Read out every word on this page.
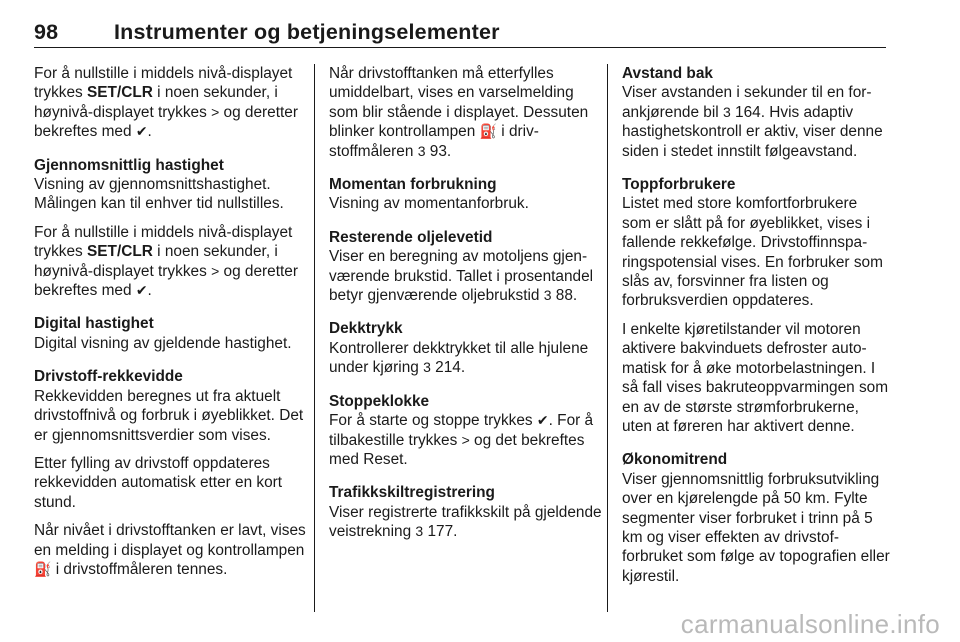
98	Instrumenter og betjeningselementer
For å nullstille i middels nivå-displayet trykkes SET/CLR i noen sekunder, i høynivå-displayet trykkes > og deretter bekreftes med ✔.
Gjennomsnittlig hastighet
Visning av gjennomsnittshastighet. Målingen kan til enhver tid nullstilles.
For å nullstille i middels nivå-displayet trykkes SET/CLR i noen sekunder, i høynivå-displayet trykkes > og deretter bekreftes med ✔.
Digital hastighet
Digital visning av gjeldende hastighet.
Drivstoff-rekkevidde
Rekkevidden beregnes ut fra aktuelt drivstoffnivå og forbruk i øyeblikket. Det er gjennomsnittsverdier som vises.
Etter fylling av drivstoff oppdateres rekkevidden automatisk etter en kort stund.
Når nivået i drivstofftanken er lavt, vises en melding i displayet og kontrollampen ⛽ i drivstoffmåleren tennes.
Når drivstofftanken må etterfylles umiddelbart, vises en varselmelding som blir stående i displayet. Dessuten blinker kontrollampen ⛽ i drivstoffmåleren 3 93.
Momentan forbrukning
Visning av momentanforbruk.
Resterende oljelevetid
Viser en beregning av motoljens gjenværende brukstid. Tallet i prosentandel betyr gjenværende oljebrukstid 3 88.
Dekktrykk
Kontrollerer dekktrykket til alle hjulene under kjøring 3 214.
Stoppeklokke
For å starte og stoppe trykkes ✔. For å tilbakestille trykkes > og det bekreftes med Reset.
Trafikkskiltregistrering
Viser registrerte trafikkskilt på gjeldende veistrekning 3 177.
Avstand bak
Viser avstanden i sekunder til en forankjørende bil 3 164. Hvis adaptiv hastighetskontroll er aktiv, viser denne siden i stedet innstilt følgeavstand.
Toppforbrukere
Listet med store komfortforbrukere som er slått på for øyeblikket, vises i fallende rekkefølge. Drivstoffinnsparingspotensial vises. En forbruker som slås av, forsvinner fra listen og forbruksverdien oppdateres.
I enkelte kjøretilstander vil motoren aktivere bakvinduets defroster automatisk for å øke motorbelastningen. I så fall vises bakruteoppvarmingen som en av de største strømforbrukerne, uten at føreren har aktivert denne.
Økonomitrend
Viser gjennomsnittlig forbruksutvikling over en kjørelengde på 50 km. Fylte segmenter viser forbruket i trinn på 5 km og viser effekten av drivstofforbruket som følge av topografien eller kjørestil.
carmanualsonline.info
